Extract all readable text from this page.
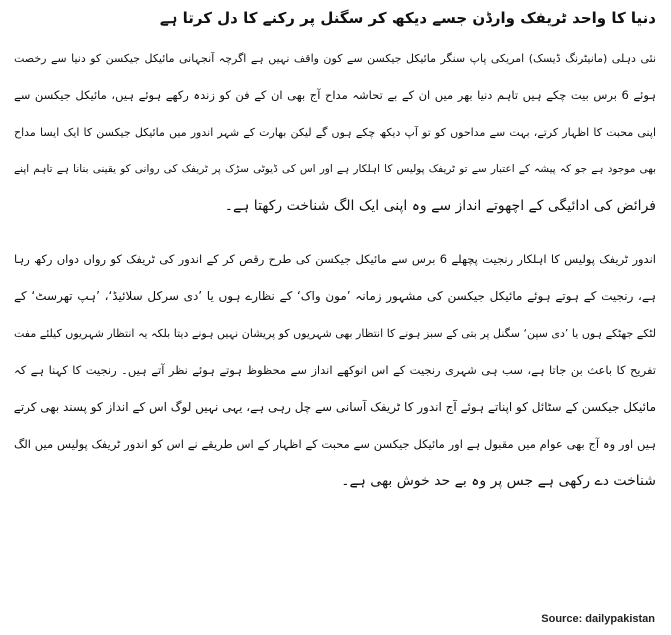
دنیا کا واحد ٹریفک وارڈن جسے دیکھ کر سگنل پر رکنے کا دل کرتا ہے
نئی دہلی (مانیٹرنگ ڈیسک) امریکی پاپ سنگر مائیکل جیکسن سے کون واقف نہیں ہے اگرچہ آنجہانی مائیکل جیکسن کو دنیا سے رخصت
ہوئے 6 برس بیت چکے ہیں تاہم دنیا بھر میں ان کے بے تحاشہ مداح آج بھی ان کے فن کو زندہ رکھے ہوئے ہیں، مائیکل جیکسن سے
اپنی محبت کا اظہار کرتے، بہت سے مداحوں کو تو آپ دیکھ چکے ہوں گے لیکن بھارت کے شہر اندور میں مائیکل جیکسن کا ایک ایسا مداح
بھی موجود ہے جو کہ پیشہ کے اعتبار سے تو ٹریفک پولیس کا اہلکار ہے اور اس کی ڈیوٹی سڑک پر ٹریفک کی روانی کو یقینی بنانا ہے تاہم اپنے
فرائض کی ادائیگی کے اچھوتے انداز سے وہ اپنی ایک الگ شناخت رکھتا ہے۔
اندور ٹریفک پولیس کا اہلکار رنجیت پچھلے 6 برس سے مائیکل جیکسن کی طرح رقص کر کے اندور کی ٹریفک کو رواں دواں رکھ رہا
ہے، رنجیت کے ہوتے ہوئے مائیکل جیکسن کی مشہور زمانہ ’مون واک‘ کے نظارے ہوں یا ’دی سرکل سلائیڈ‘، ’ہپ تھرسٹ‘ کے
لٹکے جھٹکے ہوں یا ’دی سپن‘ سگنل پر بتی کے سبز ہونے کا انتظار بھی شہریوں کو پریشان نہیں ہونے دیتا بلکہ یہ انتظار شہریوں کیلئے مفت
تفریح کا باعث بن جاتا ہے، سب ہی شہری رنجیت کے اس انوکھے انداز سے محظوظ ہوتے ہوئے نظر آتے ہیں۔ رنجیت کا کہنا ہے کہ
مائیکل جیکسن کے سٹائل کو اپناتے ہوئے آج اندور کا ٹریفک آسانی سے چل رہی ہے، یہی نہیں لوگ اس کے انداز کو پسند بھی کرتے
ہیں اور وہ آج بھی عوام میں مقبول ہے اور مائیکل جیکسن سے محبت کے اظہار کے اس طریقے نے اس کو اندور ٹریفک پولیس میں الگ
شناخت دے رکھی ہے جس پر وہ بے حد خوش بھی ہے۔
Source: dailypakistan
